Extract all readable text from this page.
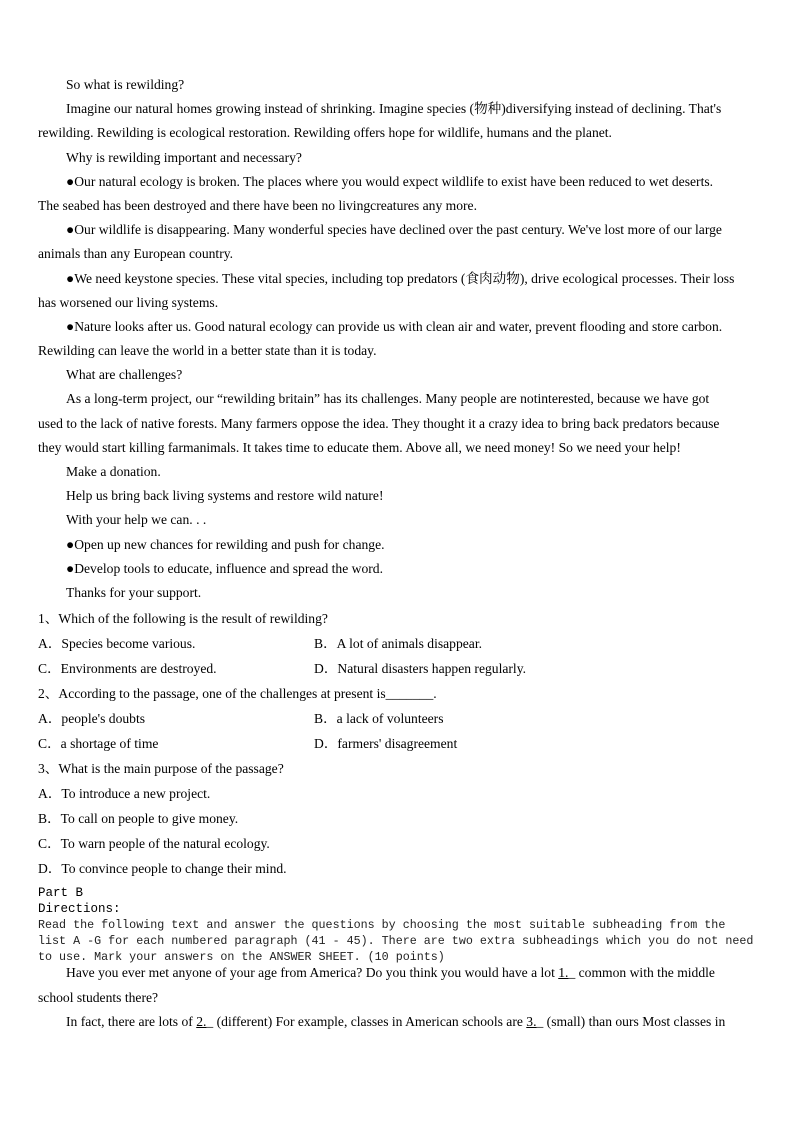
So what is rewilding?
Imagine our natural homes growing instead of shrinking. Imagine species (物种)diversifying instead of declining. That's
rewilding. Rewilding is ecological restoration. Rewilding offers hope for wildlife, humans and the planet.
Why is rewilding important and necessary?
●Our natural ecology is broken. The places where you would expect wildlife to exist have been reduced to wet deserts.
The seabed has been destroyed and there have been no livingcreatures any more.
●Our wildlife is disappearing. Many wonderful species have declined over the past century. We've lost more of our large
animals than any European country.
●We need keystone species. These vital species, including top predators (食肉动物), drive ecological processes. Their loss
has worsened our living systems.
●Nature looks after us. Good natural ecology can provide us with clean air and water, prevent flooding and store carbon.
Rewilding can leave the world in a better state than it is today.
What are challenges?
As a long-term project, our “rewilding britain” has its challenges. Many people are notinterested, because we have got
used to the lack of native forests. Many farmers oppose the idea. They thought it a crazy idea to bring back predators because
they would start killing farmanimals. It takes time to educate them. Above all, we need money! So we need your help!
Make a donation.
Help us bring back living systems and restore wild nature!
With your help we can. . .
●Open up new chances for rewilding and push for change.
●Develop tools to educate, influence and spread the word.
Thanks for your support.
1、Which of the following is the result of rewilding?
A．Species become various.	B．A lot of animals disappear.
C．Environments are destroyed.	D．Natural disasters happen regularly.
2、According to the passage, one of the challenges at present is_______.
A．people's doubts	B．a lack of volunteers
C．a shortage of time	D．farmers' disagreement
3、What is the main purpose of the passage?
A．To introduce a new project.
B．To call on people to give money.
C．To warn people of the natural ecology.
D．To convince people to change their mind.
Part B
Directions:
Read the following text and answer the questions by choosing the most suitable subheading from the
list A -G for each numbered paragraph (41 - 45). There are two extra subheadings which you do not need
to use. Mark your answers on the ANSWER SHEET. (10 points)
Have you ever met anyone of your age from America? Do you think you would have a lot 1._ common with the middle
school students there?
In fact, there are lots of 2._ (different) For example, classes in American schools are 3._ (small) than ours Most classes in
